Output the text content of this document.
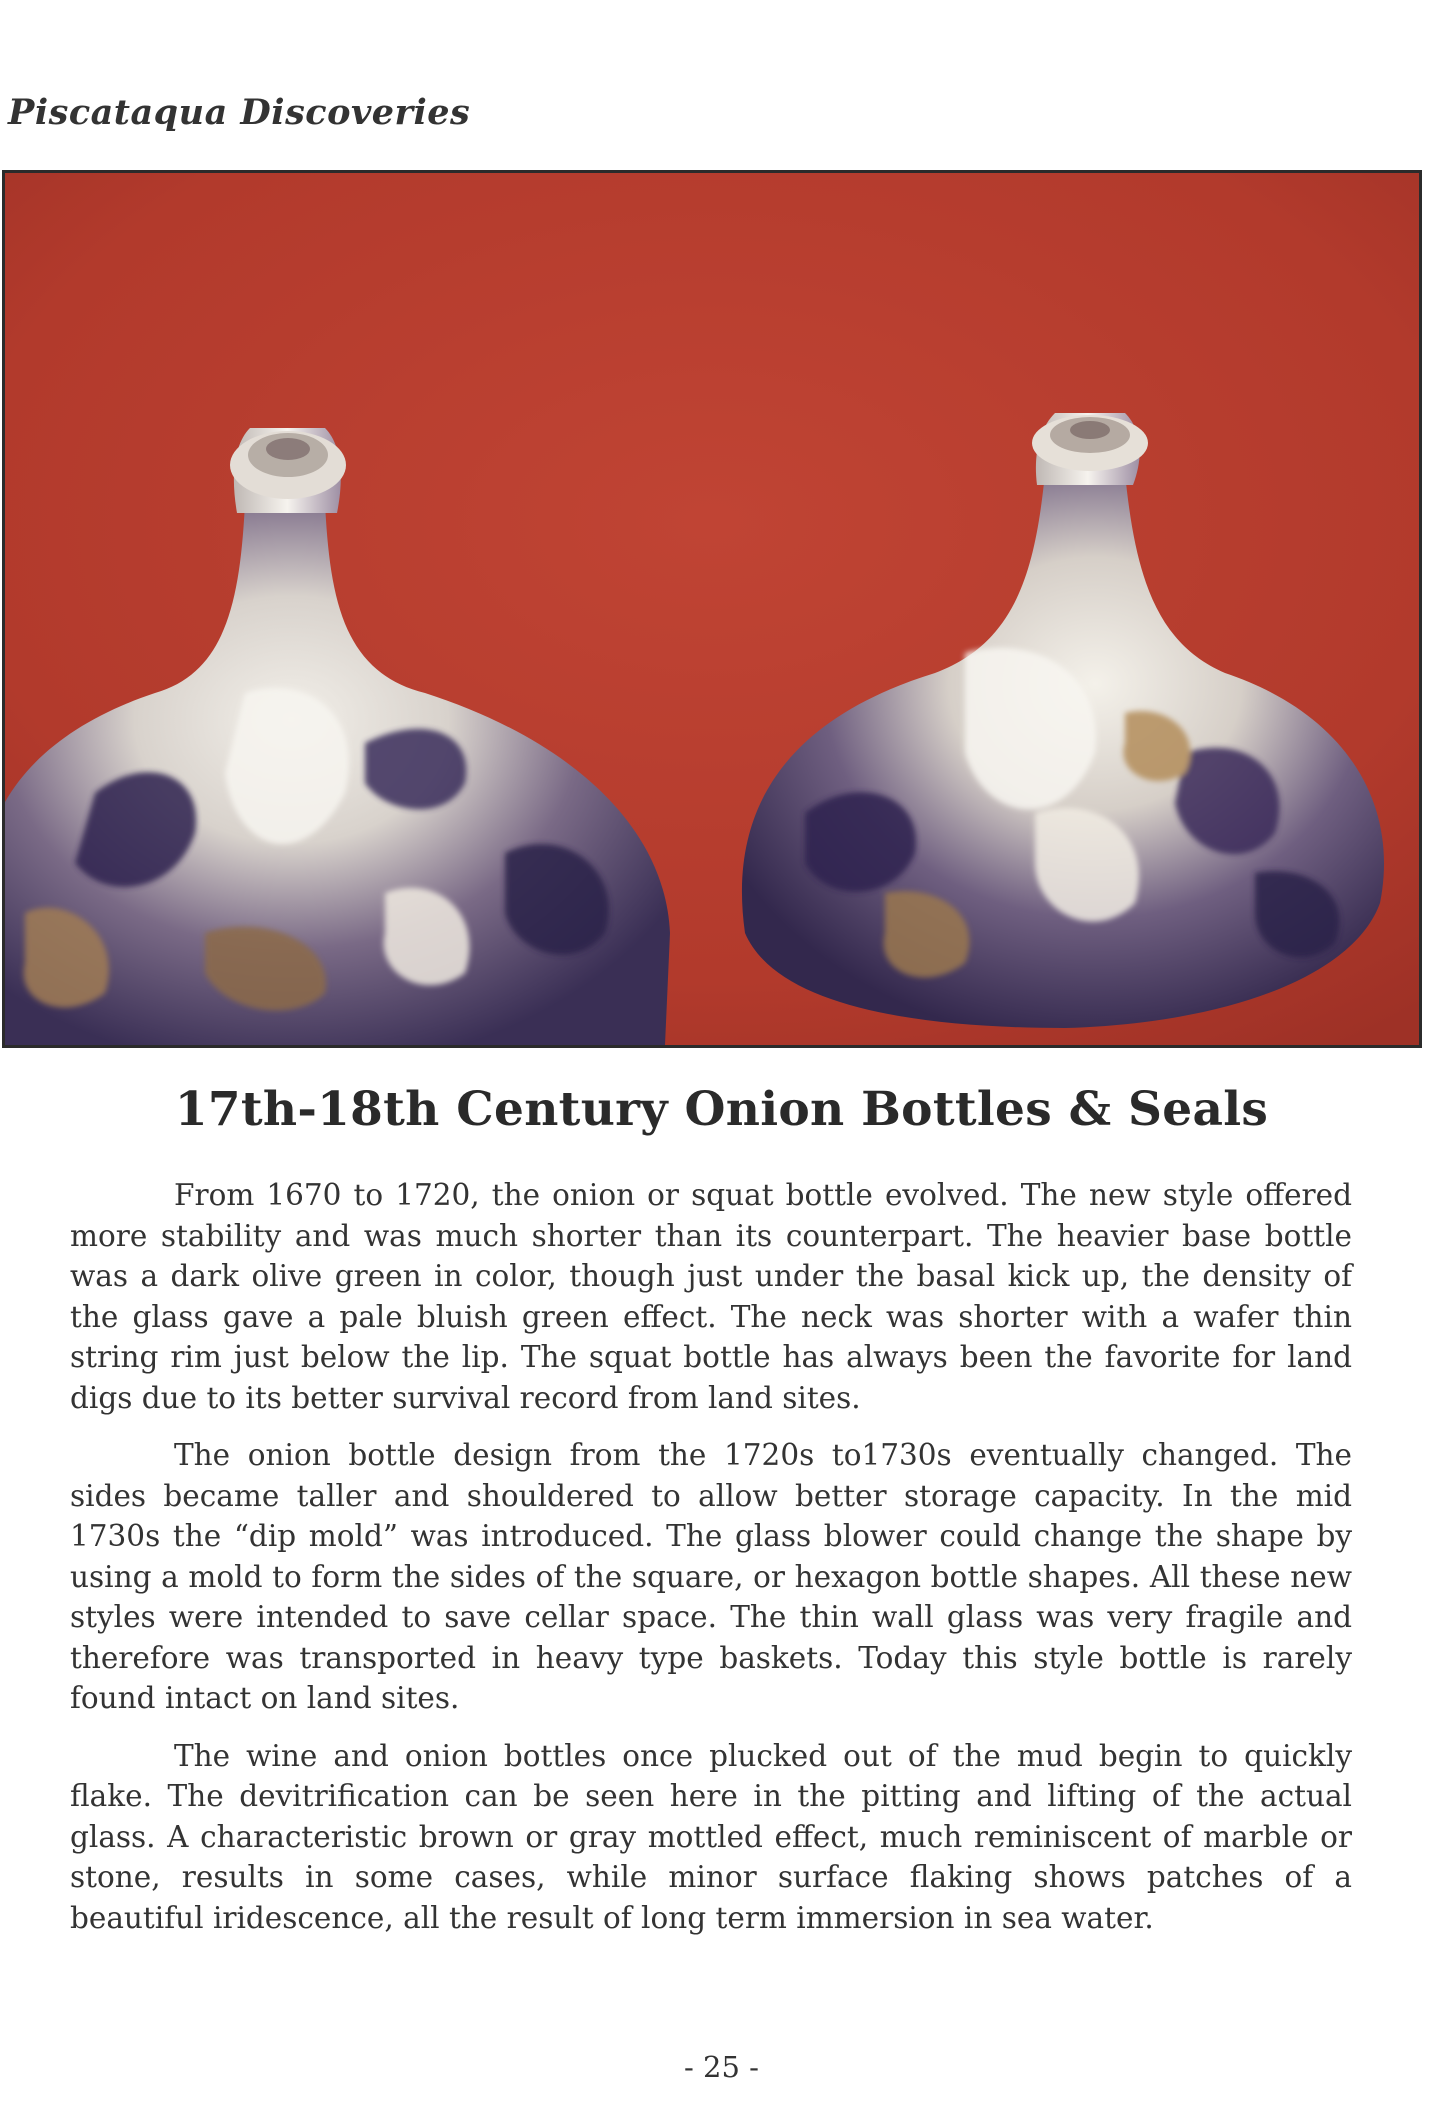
Piscataqua Discoveries
17th-18th Century Onion Bottles & Seals

From 1670 to 1720, the onion or squat bottle evolved. The new style offered more stability and was much shorter than its counterpart. The heavier base bottle was a dark olive green in color, though just under the basal kick up, the density of the glass gave a pale bluish green effect. The neck was shorter with a wafer thin string rim just below the lip. The squat bottle has always been the favorite for land digs due to its better survival record from land sites.

The onion bottle design from the 1720s to1730s eventually changed. The sides became taller and shouldered to allow better storage capacity. In the mid 1730s the “dip mold” was introduced. The glass blower could change the shape by using a mold to form the sides of the square, or hexagon bottle shapes. All these new styles were intended to save cellar space. The thin wall glass was very fragile and therefore was transported in heavy type baskets. Today this style bottle is rarely found intact on land sites.

The wine and onion bottles once plucked out of the mud begin to quickly flake. The devitrification can be seen here in the pitting and lifting of the actual glass. A characteristic brown or gray mottled effect, much reminiscent of marble or stone, results in some cases, while minor surface flaking shows patches of a beautiful iridescence, all the result of long term immersion in sea water.

- 25 -
